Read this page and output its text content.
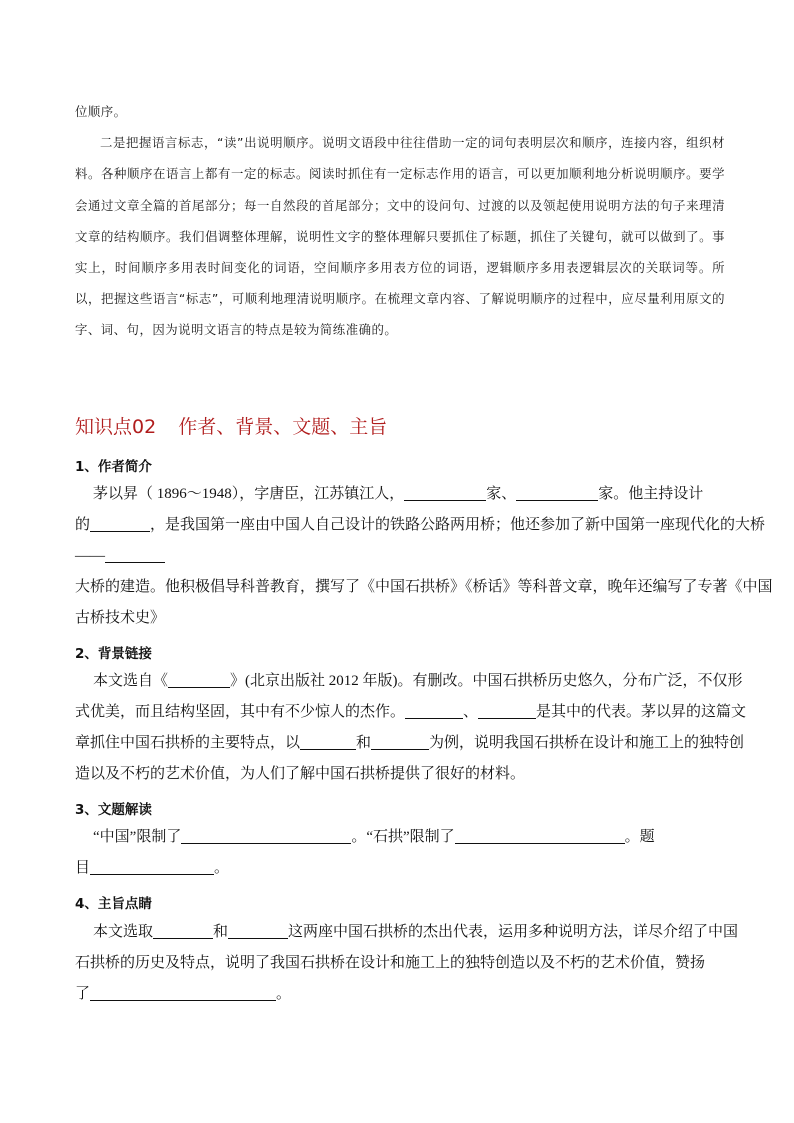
位顺序。

二是把握语言标志，“读”出说明顺序。说明文语段中往往借助一定的词句表明层次和顺序，连接内容，组织材料。各种顺序在语言上都有一定的标志。阅读时抓住有一定标志作用的语言，可以更加顺利地分析说明顺序。要学会通过文章全篇的首尾部分；每一自然段的首尾部分；文中的设问句、过渡的以及领起使用说明方法的句子来理清文章的结构顺序。我们倡调整体理解，说明性文字的整体理解只要抓住了标题，抓住了关键句，就可以做到了。事实上，时间顺序多用表时间变化的词语，空间顺序多用表方位的词语，逻辑顺序多用表逻辑层次的关联词等。所以，把握这些语言“标志”，可顺利地理清说明顺序。在梳理文章内容、了解说明顺序的过程中，应尽量利用原文的字、词、句，因为说明文语言的特点是较为简练准确的。

知识点02 作者、背景、文题、主旨
1、作者简介

茅以昇（ 1896～1948），字唐臣，江苏镇江人，	家、	家。他主持设计

的	，是我国第一座由中国人自己设计的铁路公路两用桥；他还参加了新中国第一座现代化的大桥

——

大桥的建造。他积极倡导科普教育，撰写了《中国石拱桥》《桥话》等科普文章，晚年还编写了专著《中国

古桥技术史》

2、背景链接

本文选自《	》(北京出版社 2012 年版)。有删改。中国石拱桥历史悠久，分布广泛，不仅形

式优美，而且结构坚固，其中有不少惊人的杰作。	、	是其中的代表。茅以昇的这篇文

章抓住中国石拱桥的主要特点，以	和	为例，说明我国石拱桥在设计和施工上的独特创

造以及不朽的艺术价值，为人们了解中国石拱桥提供了很好的材料。

3、文题解读

“中国”限制了	。“石拱”限制了	。题

目	。

4、主旨点睛

本文选取	和	这两座中国石拱桥的杰出代表，运用多种说明方法，详尽介绍了中国

石拱桥的历史及特点，说明了我国石拱桥在设计和施工上的独特创造以及不朽的艺术价值，赞扬

了	。
